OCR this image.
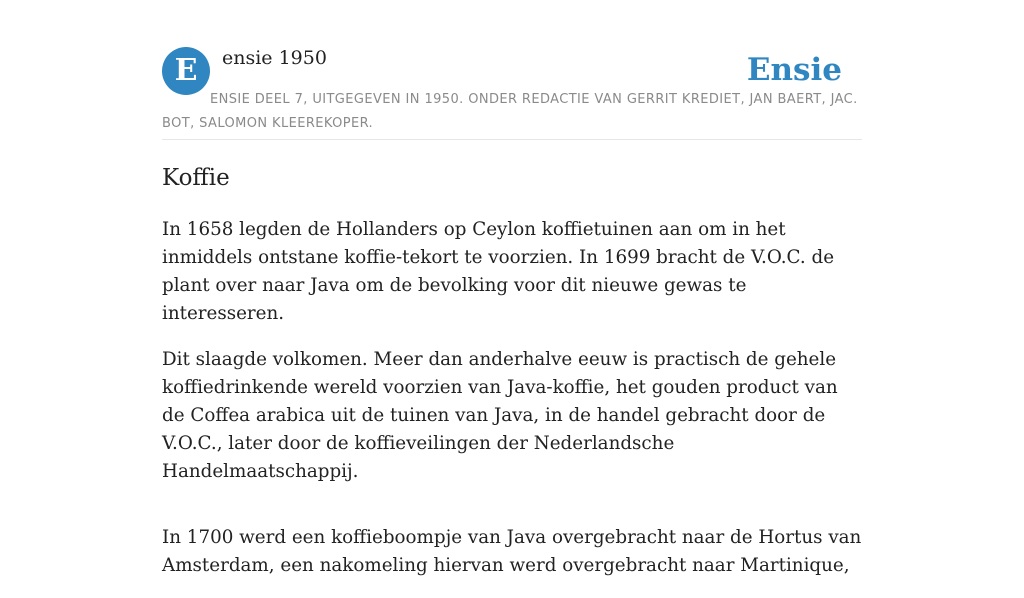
E	ensie 1950	Ensie
ENSIE DEEL 7, UITGEGEVEN IN 1950. ONDER REDACTIE VAN GERRIT KREDIET, JAN BAERT, JAC. BOT, SALOMON KLEEREKOPER.
Koffie

In 1658 legden de Hollanders op Ceylon koffietuinen aan om in het inmiddels ontstane koffie-tekort te voorzien. In 1699 bracht de V.O.C. de plant over naar Java om de bevolking voor dit nieuwe gewas te interesseren.

Dit slaagde volkomen. Meer dan anderhalve eeuw is practisch de gehele koffiedrinkende wereld voorzien van Java-koffie, het gouden product van de Coffea arabica uit de tuinen van Java, in de handel gebracht door de V.O.C., later door de koffieveilingen der Nederlandsche Handelmaatschappij.

In 1700 werd een koffieboompje van Java overgebracht naar de Hortus van Amsterdam, een nakomeling hiervan werd overgebracht naar Martinique,
